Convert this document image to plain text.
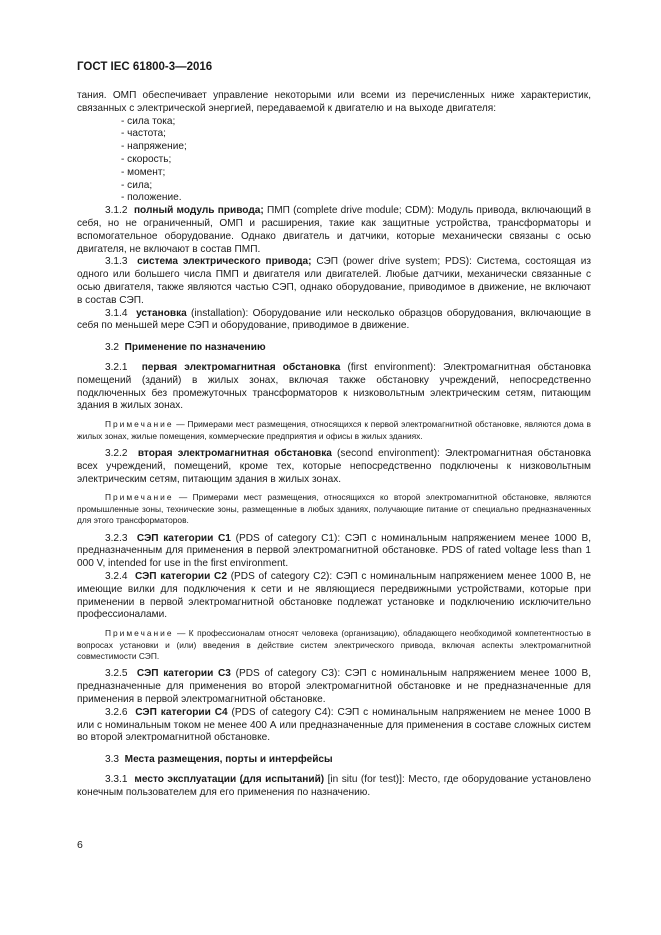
ГОСТ IEC 61800-3—2016

тания. ОМП обеспечивает управление некоторыми или всеми из перечисленных ниже характеристик, связанных с электрической энергией, передаваемой к двигателю и на выходе двигателя:

- сила тока;

- частота;

- напряжение;

- скорость;

- момент;

- сила;

- положение.

3.1.2 полный модуль привода; ПМП (complete drive module; CDM): Модуль привода, включающий в себя, но не ограниченный, ОМП и расширения, такие как защитные устройства, трансформаторы и вспомогательное оборудование. Однако двигатель и датчики, которые механически связаны с осью двигателя, не включают в состав ПМП.

3.1.3 система электрического привода; СЭП (power drive system; PDS): Система, состоящая из одного или большего числа ПМП и двигателя или двигателей. Любые датчики, механически связанные с осью двигателя, также являются частью СЭП, однако оборудование, приводимое в движение, не включают в состав СЭП.

3.1.4 установка (installation): Оборудование или несколько образцов оборудования, включающие в себя по меньшей мере СЭП и оборудование, приводимое в движение.

3.2 Применение по назначению

3.2.1 первая электромагнитная обстановка (first environment): Электромагнитная обстановка помещений (зданий) в жилых зонах, включая также обстановку учреждений, непосредственно подключенных без промежуточных трансформаторов к низковольтным электрическим сетям, питающим здания в жилых зонах.

Примечание — Примерами мест размещения, относящихся к первой электромагнитной обстановке, являются дома в жилых зонах, жилые помещения, коммерческие предприятия и офисы в жилых зданиях.

3.2.2 вторая электромагнитная обстановка (second environment): Электромагнитная обстановка всех учреждений, помещений, кроме тех, которые непосредственно подключены к низковольтным электрическим сетям, питающим здания в жилых зонах.

Примечание — Примерами мест размещения, относящихся ко второй электромагнитной обстановке, являются промышленные зоны, технические зоны, размещенные в любых зданиях, получающие питание от специально предназначенных для этого трансформаторов.

3.2.3 СЭП категории С1 (PDS of category C1): СЭП с номинальным напряжением менее 1000 В, предназначенным для применения в первой электромагнитной обстановке. PDS of rated voltage less than 1 000 V, intended for use in the first environment.

3.2.4 СЭП категории С2 (PDS of category C2): СЭП с номинальным напряжением менее 1000 В, не имеющие вилки для подключения к сети и не являющиеся передвижными устройствами, которые при применении в первой электромагнитной обстановке подлежат установке и подключению исключительно профессионалами.

Примечание — К профессионалам относят человека (организацию), обладающего необходимой компетентностью в вопросах установки и (или) введения в действие систем электрического привода, включая аспекты электромагнитной совместимости СЭП.

3.2.5 СЭП категории С3 (PDS of category C3): СЭП с номинальным напряжением менее 1000 В, предназначенные для применения во второй электромагнитной обстановке и не предназначенные для применения в первой электромагнитной обстановке.

3.2.6 СЭП категории С4 (PDS of category C4): СЭП с номинальным напряжением не менее 1000 В или с номинальным током не менее 400 А или предназначенные для применения в составе сложных систем во второй электромагнитной обстановке.

3.3 Места размещения, порты и интерфейсы

3.3.1 место эксплуатации (для испытаний) [in situ (for test)]: Место, где оборудование установлено конечным пользователем для его применения по назначению.

6
